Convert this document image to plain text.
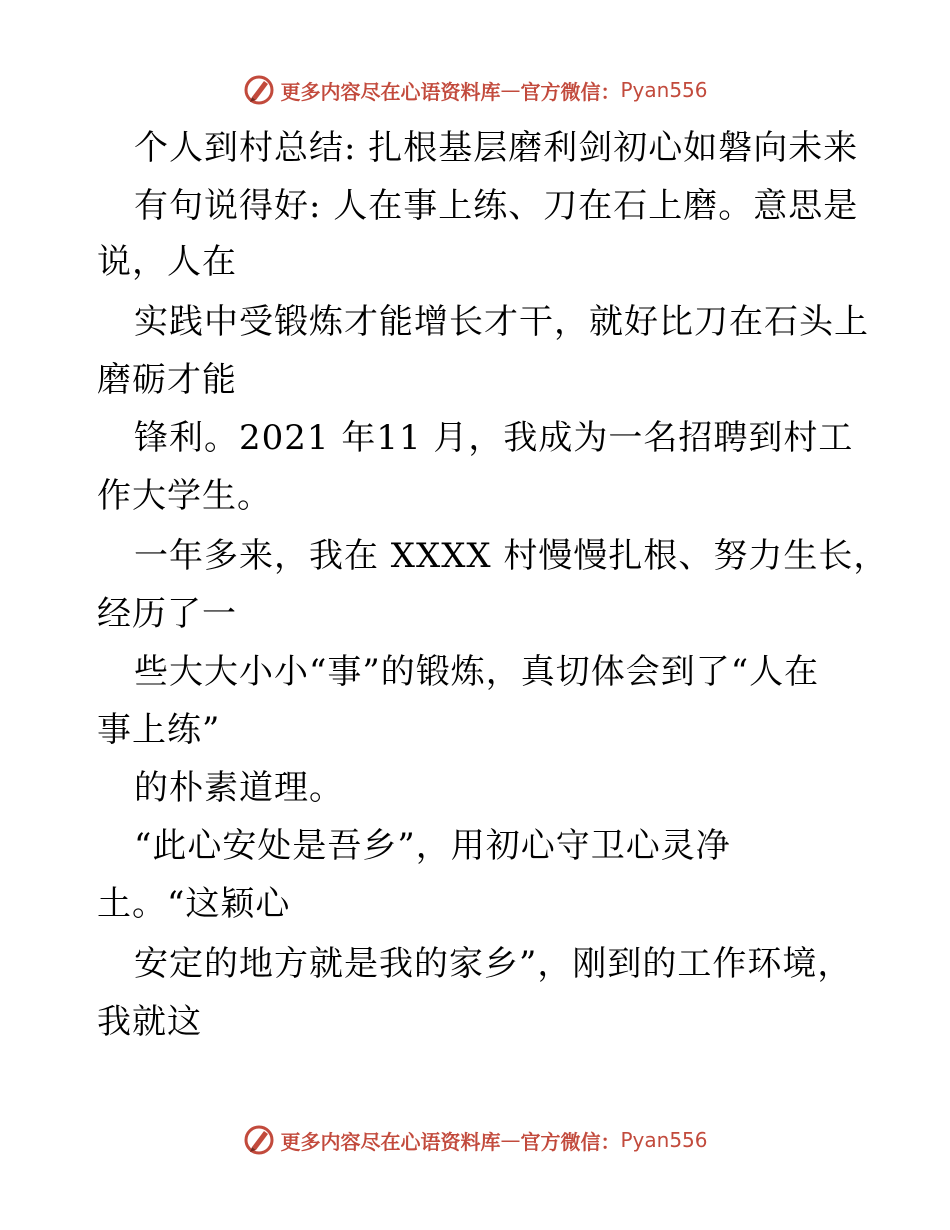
更多内容尽在心语资料库 — 官方微信： Pyan556
个人到村总结: 扎根基层磨利剑初心如磐向未来
有句说得好: 人在事上练、刀在石上磨。意思是
说，人在
实践中受锻炼才能增长才干，就好比刀在石头上
磨砺才能
锋利。2021 年11 月，我成为一名招聘到村工
作大学生。
一年多来，我在 XXXX 村慢慢扎根、努力生长，
经历了一
些大大小小“事”的锻炼，真切体会到了“人在
事上练”
的朴素道理。
“此心安处是吾乡”，用初心守卫心灵净
土。“这颖心
安定的地方就是我的家乡”，刚到的工作环境，
我就这
更多内容尽在心语资料库 — 官方微信： Pyan556
